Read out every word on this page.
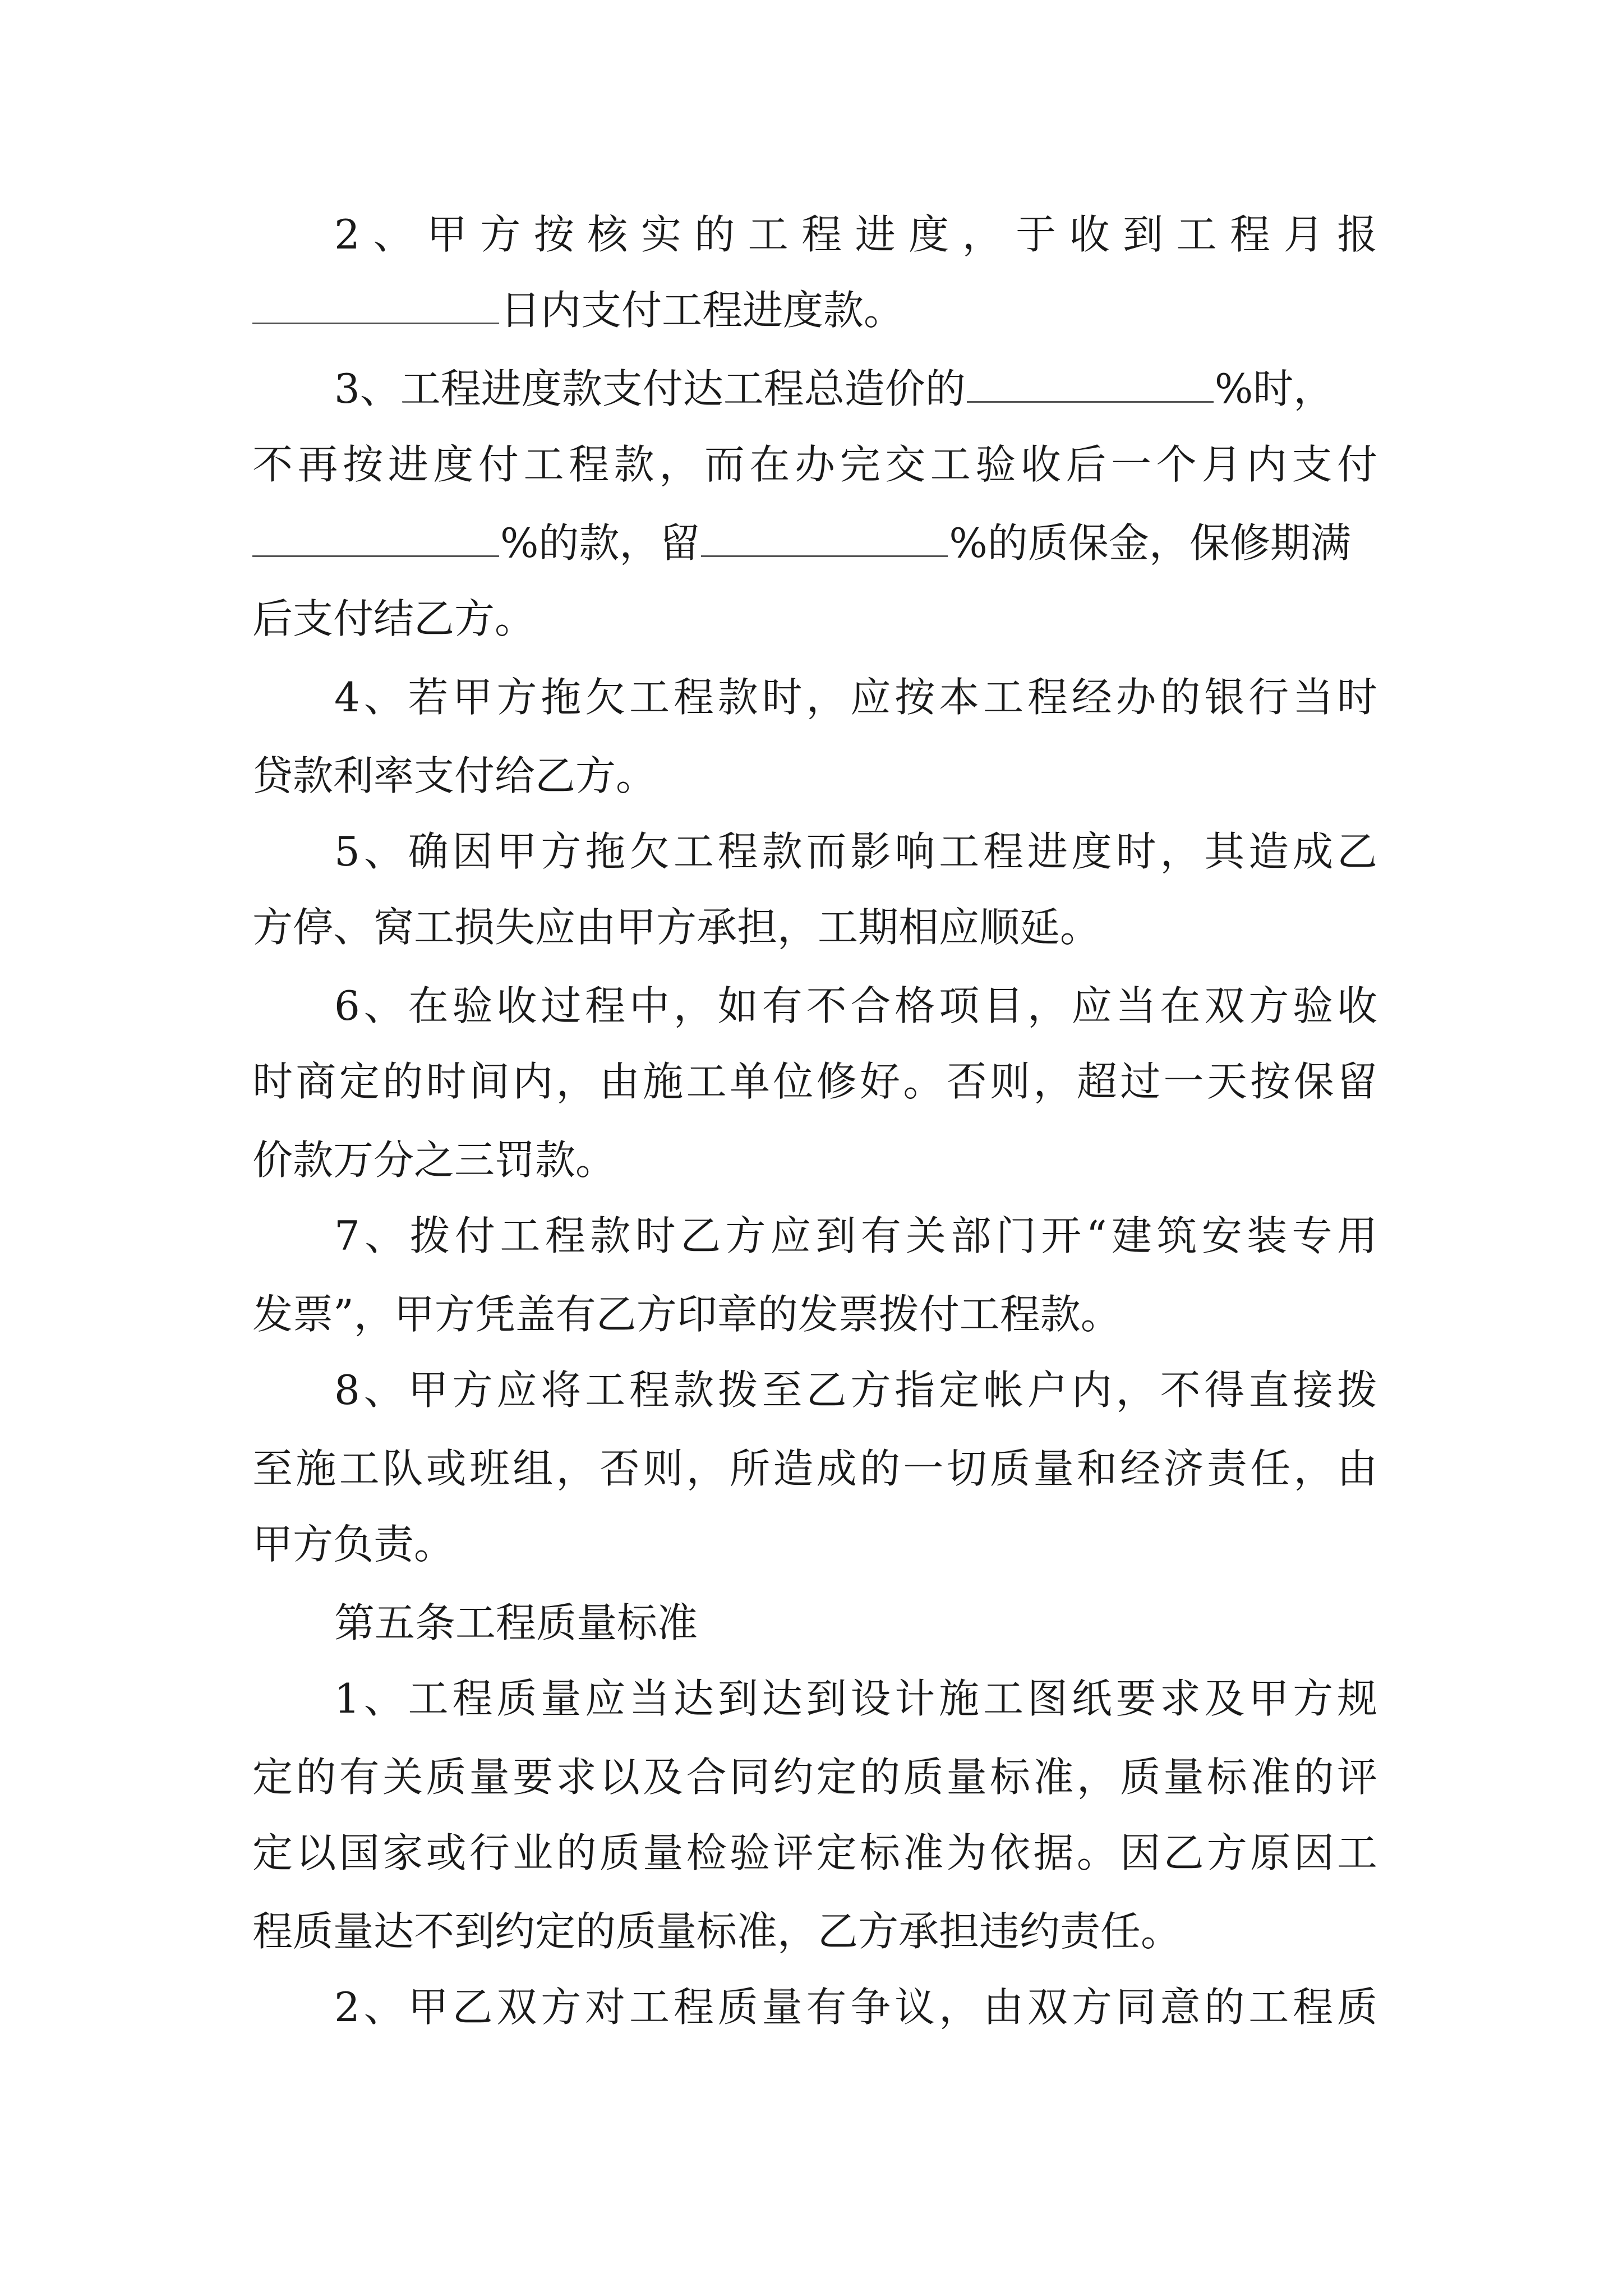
2、甲方按核实的工程进度，于收到工程月报

日内支付工程进度款。

3、工程进度款支付达工程总造价的	%时，

不再按进度付工程款，而在办完交工验收后一个月内支付

%的款，留	%的质保金，保修期满

后支付结乙方。

4、若甲方拖欠工程款时，应按本工程经办的银行当时

贷款利率支付给乙方。

5、确因甲方拖欠工程款而影响工程进度时，其造成乙

方停、窝工损失应由甲方承担，工期相应顺延。

6、在验收过程中，如有不合格项目，应当在双方验收

时商定的时间内，由施工单位修好。否则，超过一天按保留

价款万分之三罚款。

7、拨付工程款时乙方应到有关部门开“建筑安装专用

发票”，甲方凭盖有乙方印章的发票拨付工程款。

8、甲方应将工程款拨至乙方指定帐户内，不得直接拨

至施工队或班组，否则，所造成的一切质量和经济责任，由

甲方负责。

第五条工程质量标准

1、工程质量应当达到达到设计施工图纸要求及甲方规

定的有关质量要求以及合同约定的质量标准，质量标准的评

定以国家或行业的质量检验评定标准为依据。因乙方原因工

程质量达不到约定的质量标准，乙方承担违约责任。

2、甲乙双方对工程质量有争议，由双方同意的工程质
